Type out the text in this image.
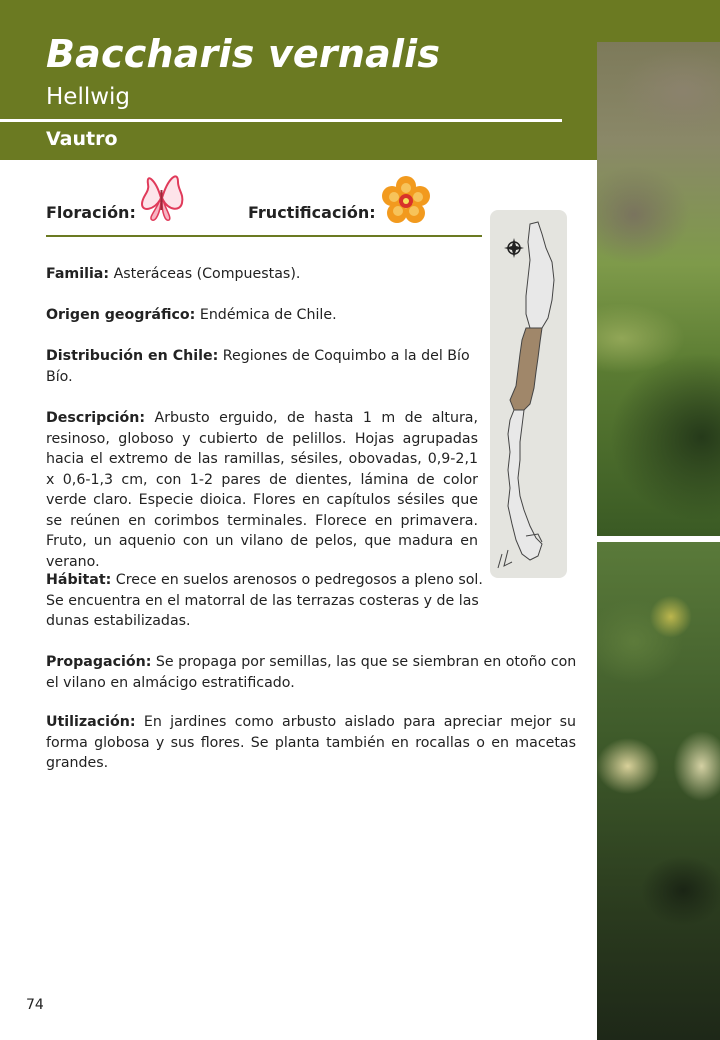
Baccharis vernalis
Hellwig
Vautro
Floración:	Fructificación:

Familia: Asteráceas (Compuestas).

Origen geográfico: Endémica de Chile.

Distribución en Chile: Regiones de Coquimbo a la del Bío Bío.

Descripción: Arbusto erguido, de hasta 1 m de altura, resinoso, globoso y cubierto de pelillos. Hojas agrupadas hacia el extremo de las ramillas, sésiles, obovadas, 0,9-2,1 x 0,6-1,3 cm, con 1-2 pares de dientes, lámina de color verde claro. Especie dioica. Flores en capítulos sésiles que se reúnen en corimbos terminales. Florece en primavera. Fruto, un aquenio con un vilano de pelos, que madura en verano.

Hábitat: Crece en suelos arenosos o pedregosos a pleno sol. Se encuentra en el matorral de las terrazas costeras y de las dunas estabilizadas.

Propagación: Se propaga por semillas, las que se siembran en otoño con el vilano en almácigo estratificado.

Utilización: En jardines como arbusto aislado para apreciar mejor su forma globosa y sus flores. Se planta también en rocallas o en macetas grandes.

74
